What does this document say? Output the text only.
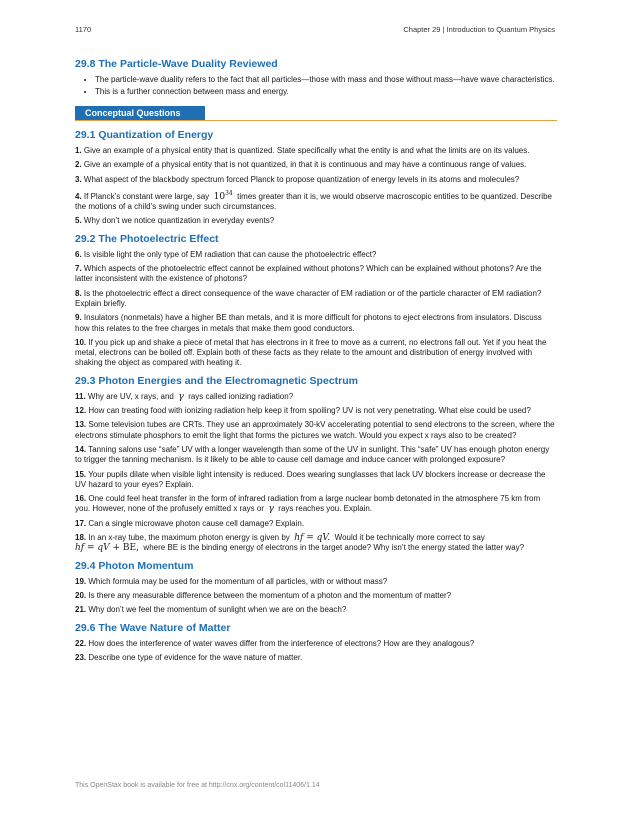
1170	Chapter 29 | Introduction to Quantum Physics
29.8 The Particle-Wave Duality Reviewed
• The particle-wave duality refers to the fact that all particles—those with mass and those without mass—have wave characteristics.
• This is a further connection between mass and energy.
Conceptual Questions
29.1 Quantization of Energy

1. Give an example of a physical entity that is quantized. State specifically what the entity is and what the limits are on its values.

2. Give an example of a physical entity that is not quantized, in that it is continuous and may have a continuous range of values.

3. What aspect of the blackbody spectrum forced Planck to propose quantization of energy levels in its atoms and molecules?

4. If Planck’s constant were large, say $10^{34}$ times greater than it is, we would observe macroscopic entities to be quantized. Describe the motions of a child’s swing under such circumstances.

5. Why don’t we notice quantization in everyday events?

29.2 The Photoelectric Effect

6. Is visible light the only type of EM radiation that can cause the photoelectric effect?

7. Which aspects of the photoelectric effect cannot be explained without photons? Which can be explained without photons? Are the latter inconsistent with the existence of photons?

8. Is the photoelectric effect a direct consequence of the wave character of EM radiation or of the particle character of EM radiation? Explain briefly.

9. Insulators (nonmetals) have a higher BE than metals, and it is more difficult for photons to eject electrons from insulators. Discuss how this relates to the free charges in metals that make them good conductors.

10. If you pick up and shake a piece of metal that has electrons in it free to move as a current, no electrons fall out. Yet if you heat the metal, electrons can be boiled off. Explain both of these facts as they relate to the amount and distribution of energy involved with shaking the object as compared with heating it.

29.3 Photon Energies and the Electromagnetic Spectrum

11. Why are UV, x rays, and γ rays called ionizing radiation?

12. How can treating food with ionizing radiation help keep it from spoiling? UV is not very penetrating. What else could be used?

13. Some television tubes are CRTs. They use an approximately 30-kV accelerating potential to send electrons to the screen, where the electrons stimulate phosphors to emit the light that forms the pictures we watch. Would you expect x rays also to be created?

14. Tanning salons use “safe” UV with a longer wavelength than some of the UV in sunlight. This “safe” UV has enough photon energy to trigger the tanning mechanism. Is it likely to be able to cause cell damage and induce cancer with prolonged exposure?

15. Your pupils dilate when visible light intensity is reduced. Does wearing sunglasses that lack UV blockers increase or decrease the UV hazard to your eyes? Explain.

16. One could feel heat transfer in the form of infrared radiation from a large nuclear bomb detonated in the atmosphere 75 km from you. However, none of the profusely emitted x rays or γ rays reaches you. Explain.

17. Can a single microwave photon cause cell damage? Explain.

18. In an x-ray tube, the maximum photon energy is given by hf = qV. Would it be technically more correct to say
hf = qV + BE, where BE is the binding energy of electrons in the target anode? Why isn’t the energy stated the latter way?

29.4 Photon Momentum

19. Which formula may be used for the momentum of all particles, with or without mass?

20. Is there any measurable difference between the momentum of a photon and the momentum of matter?

21. Why don’t we feel the momentum of sunlight when we are on the beach?

29.6 The Wave Nature of Matter

22. How does the interference of water waves differ from the interference of electrons? How are they analogous?

23. Describe one type of evidence for the wave nature of matter.

This OpenStax book is available for free at http://cnx.org/content/col11406/1.14
